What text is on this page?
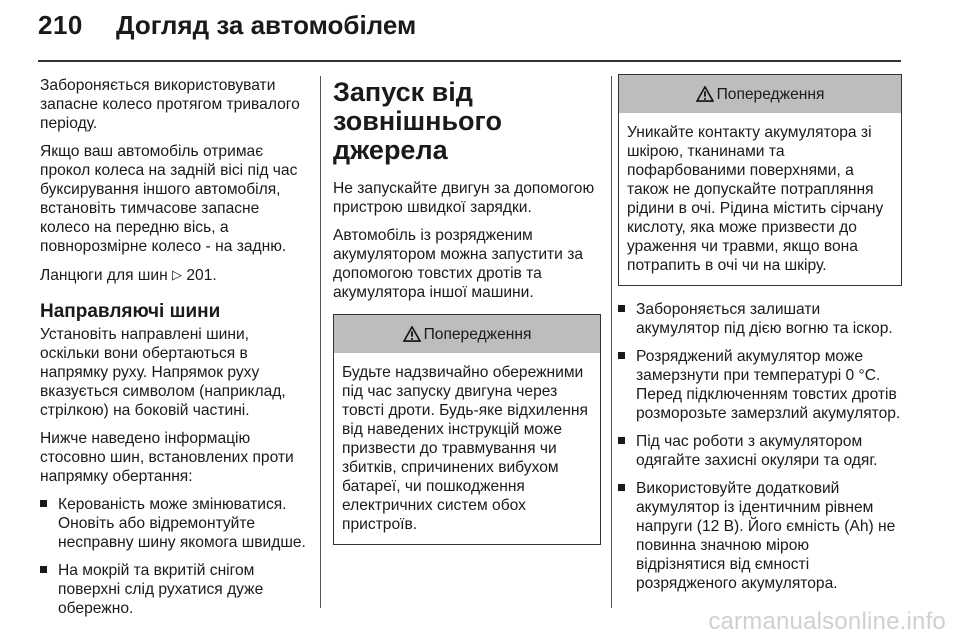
210 Догляд за автомобілем

Забороняється використовувати запасне колесо протягом тривалого періоду.

Якщо ваш автомобіль отримає прокол колеса на задній вісі під час буксирування іншого автомобіля, встановіть тимчасове запасне колесо на передню вісь, а повнорозмірне колесо - на задню.

Ланцюги для шин ▷ 201.

Направляючі шини

Установіть направлені шини, оскільки вони обертаються в напрямку руху. Напрямок руху вказується символом (наприклад, стрілкою) на боковій частині.

Нижче наведено інформацію стосовно шин, встановлених проти напрямку обертання:

Керованість може змінюватися. Оновіть або відремонтуйте несправну шину якомога швидше.
На мокрій та вкритій снігом поверхні слід рухатися дуже обережно.
Запуск від зовнішнього джерела

Не запускайте двигун за допомогою пристрою швидкої зарядки.

Автомобіль із розрядженим акумулятором можна запустити за допомогою товстих дротів та акумулятора іншої машини.

Попередження

Будьте надзвичайно обережними під час запуску двигуна через товсті дроти. Будь-яке відхилення від наведених інструкцій може призвести до травмування чи збитків, спричинених вибухом батареї, чи пошкодження електричних систем обох пристроїв.

Попередження

Уникайте контакту акумулятора зі шкірою, тканинами та пофарбованими поверхнями, а також не допускайте потрапляння рідини в очі. Рідина містить сірчану кислоту, яка може призвести до ураження чи травми, якщо вона потрапить в очі чи на шкіру.

Забороняється залишати акумулятор під дією вогню та іскор.
Розряджений акумулятор може замерзнути при температурі 0 °C. Перед підключенням товстих дротів розморозьте замерзлий акумулятор.
Під час роботи з акумулятором одягайте захисні окуляри та одяг.
Використовуйте додатковий акумулятор із ідентичним рівнем напруги (12 В). Його ємність (Ah) не повинна значною мірою відрізнятися від ємності розрядженого акумулятора.
carmanualsonline.info
